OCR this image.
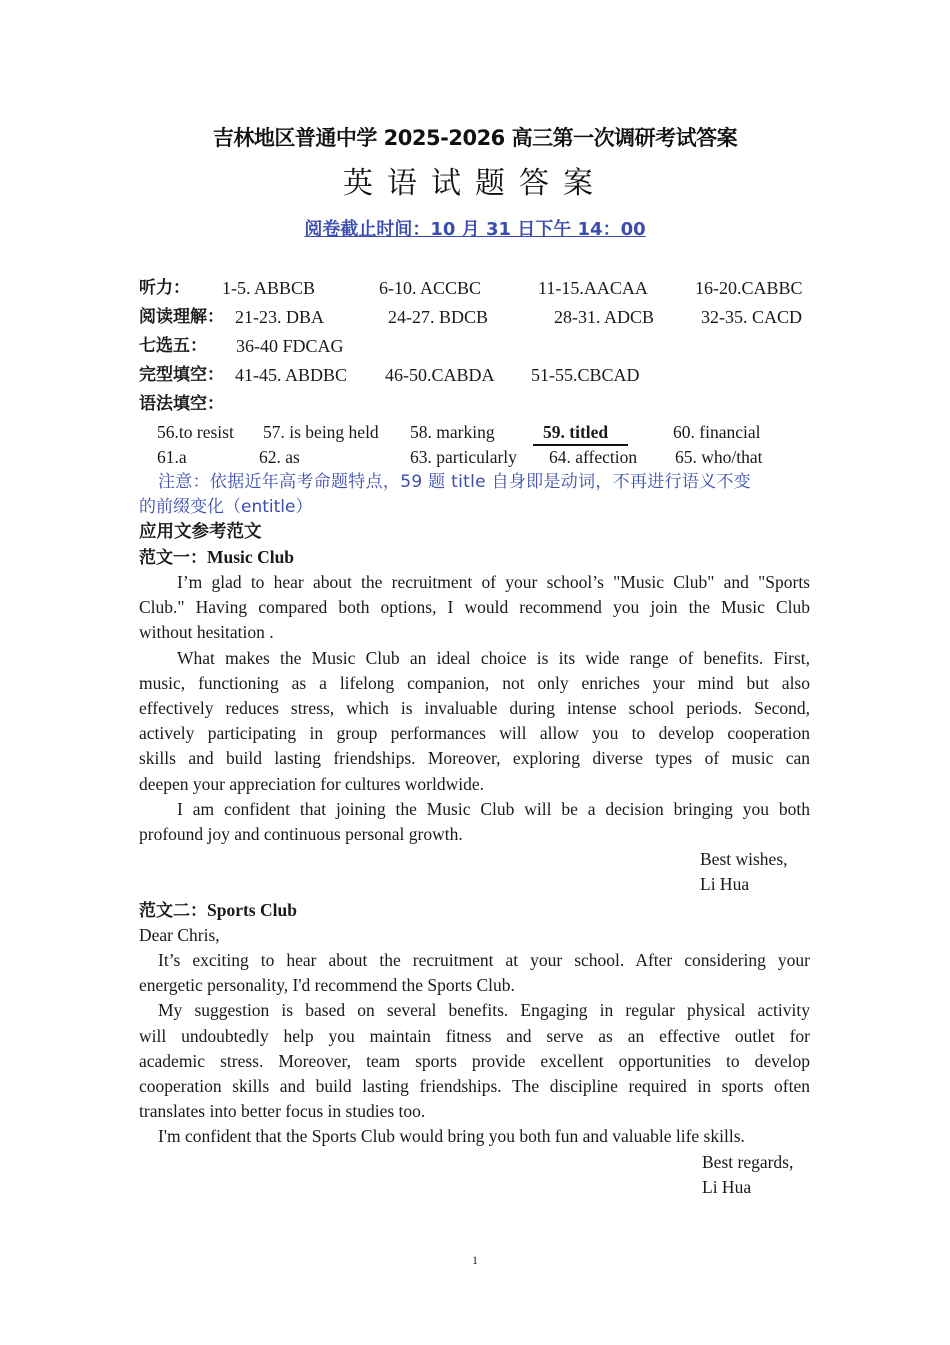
吉林地区普通中学 2025-2026 高三第一次调研考试答案
英语试题答案
阅卷截止时间：10 月 31 日下午 14：00
听力： 1-5. ABBCB	6-10. ACCBC	11-15.AACAA	16-20.CABBC
阅读理解： 21-23. DBA	24-27. BDCB	28-31. ADCB	32-35. CACD
七选五： 36-40 FDCAG
完型填空： 41-45. ABDBC 46-50.CABDA 51-55.CBCAD
语法填空：
56.to resist 57. is being held 58. marking	59. titled	60. financial
61.a	62. as	63. particularly 64. affection 65. who/that
注意：依据近年高考命题特点，59 题 title 自身即是动词，不再进行语义不变
的前缀变化（entitle）
应用文参考范文
范文一：Music Club
I’m glad to hear about the recruitment of your school’s "Music Club" and "Sports
Club." Having compared both options, I would recommend you join the Music Club
without hesitation .
What makes the Music Club an ideal choice is its wide range of benefits. First,
music, functioning as a lifelong companion, not only enriches your mind but also
effectively reduces stress, which is invaluable during intense school periods. Second,
actively participating in group performances will allow you to develop cooperation
skills and build lasting friendships. Moreover, exploring diverse types of music can
deepen your appreciation for cultures worldwide.
I am confident that joining the Music Club will be a decision bringing you both
profound joy and continuous personal growth.
Best wishes,
Li Hua
范文二：Sports Club
Dear Chris,
It’s exciting to hear about the recruitment at your school. After considering your
energetic personality, I'd recommend the Sports Club.
My suggestion is based on several benefits. Engaging in regular physical activity
will undoubtedly help you maintain fitness and serve as an effective outlet for
academic stress. Moreover, team sports provide excellent opportunities to develop
cooperation skills and build lasting friendships. The discipline required in sports often
translates into better focus in studies too.
I'm confident that the Sports Club would bring you both fun and valuable life skills.
Best regards,
Li Hua
1
